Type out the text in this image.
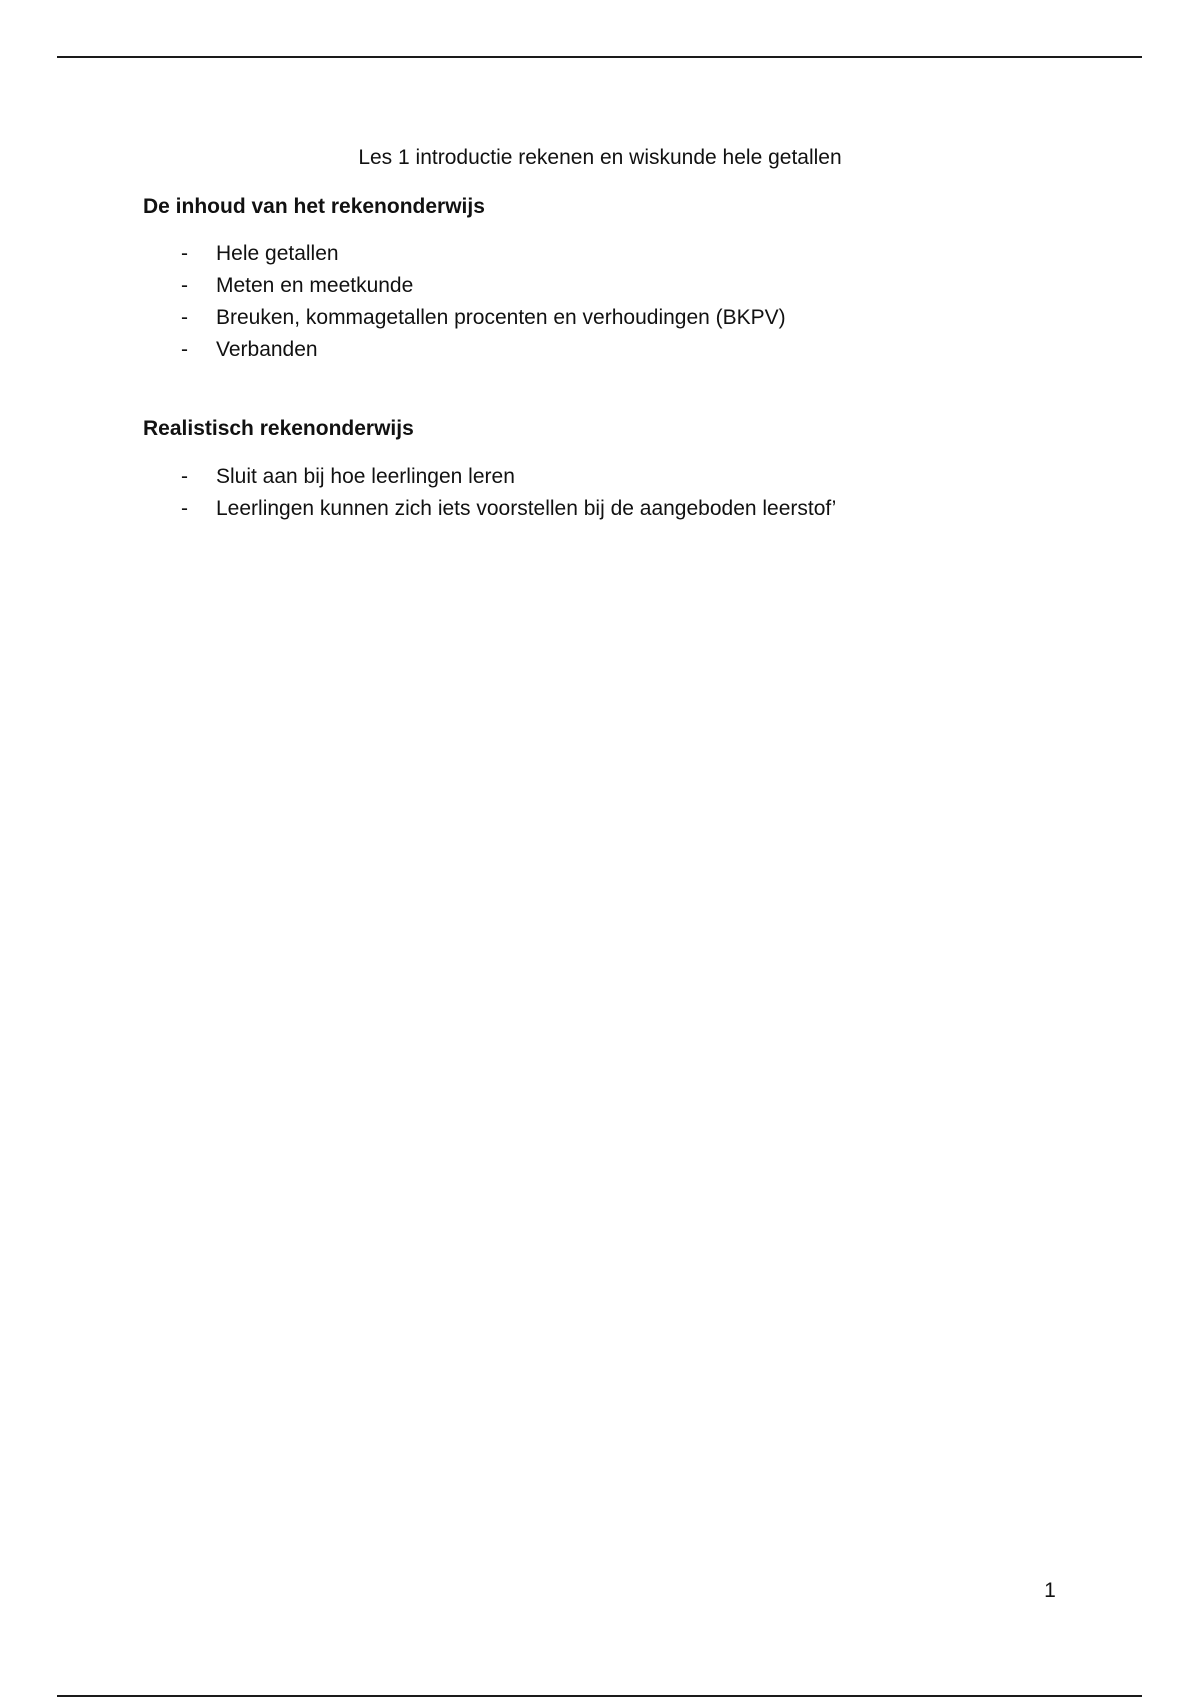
Les 1 introductie rekenen en wiskunde hele getallen
De inhoud van het rekenonderwijs
- Hele getallen
- Meten en meetkunde
- Breuken, kommagetallen procenten en verhoudingen (BKPV)
- Verbanden
Realistisch rekenonderwijs
- Sluit aan bij hoe leerlingen leren
- Leerlingen kunnen zich iets voorstellen bij de aangeboden leerstof’
1
